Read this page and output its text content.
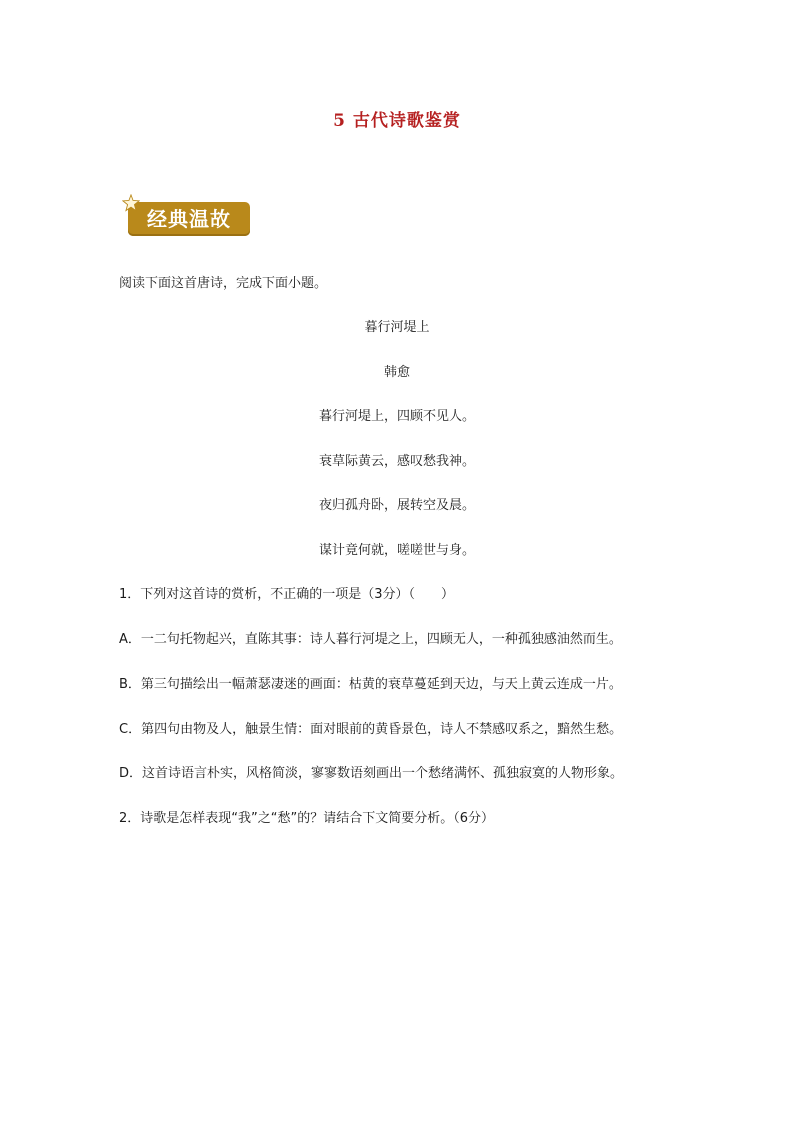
5 古代诗歌鉴赏
经典温故
阅读下面这首唐诗，完成下面小题。
暮行河堤上
韩愈
暮行河堤上，四顾不见人。
衰草际黄云，感叹愁我神。
夜归孤舟卧，展转空及晨。
谋计竟何就，嗟嗟世与身。
1．下列对这首诗的赏析，不正确的一项是（3分）（　　）
A．一二句托物起兴，直陈其事：诗人暮行河堤之上，四顾无人，一种孤独感油然而生。
B．第三句描绘出一幅萧瑟凄迷的画面：枯黄的衰草蔓延到天边，与天上黄云连成一片。
C．第四句由物及人，触景生情：面对眼前的黄昏景色，诗人不禁感叹系之，黯然生愁。
D．这首诗语言朴实，风格简淡，寥寥数语刻画出一个愁绪满怀、孤独寂寞的人物形象。
2．诗歌是怎样表现“我”之“愁”的？请结合下文简要分析。（6分）
